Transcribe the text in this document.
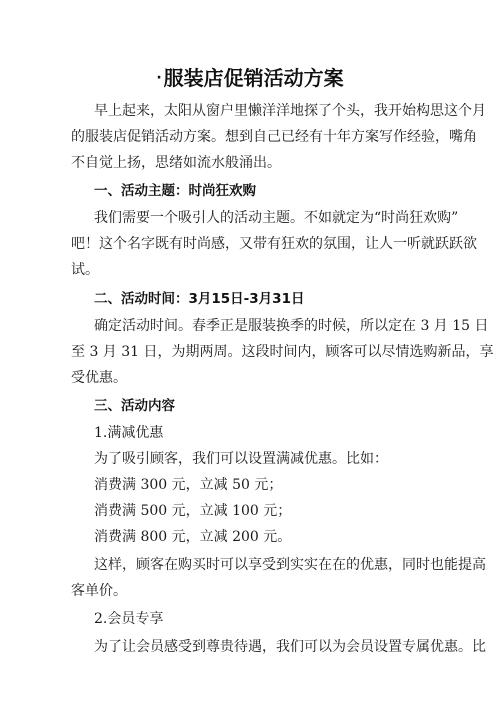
· 服装店促销活动方案
早上起来，太阳从窗户里懒洋洋地探了个头，我开始构思这个月
的服装店促销活动方案。想到自己已经有十年方案写作经验，嘴角
不自觉上扬，思绪如流水般涌出。
一、活动主题：时尚狂欢购
我们需要一个吸引人的活动主题。不如就定为“时尚狂欢购”
吧！这个名字既有时尚感，又带有狂欢的氛围，让人一听就跃跃欲
试。
二、活动时间：3月15日-3月31日
确定活动时间。春季正是服装换季的时候，所以定在 3 月 15 日
至 3 月 31 日，为期两周。这段时间内，顾客可以尽情选购新品，享
受优惠。
三、活动内容
1.满减优惠
为了吸引顾客，我们可以设置满减优惠。比如：
消费满 300 元，立减 50 元；
消费满 500 元，立减 100 元；
消费满 800 元，立减 200 元。
这样，顾客在购买时可以享受到实实在在的优惠，同时也能提高
客单价。
2.会员专享
为了让会员感受到尊贵待遇，我们可以为会员设置专属优惠。比
